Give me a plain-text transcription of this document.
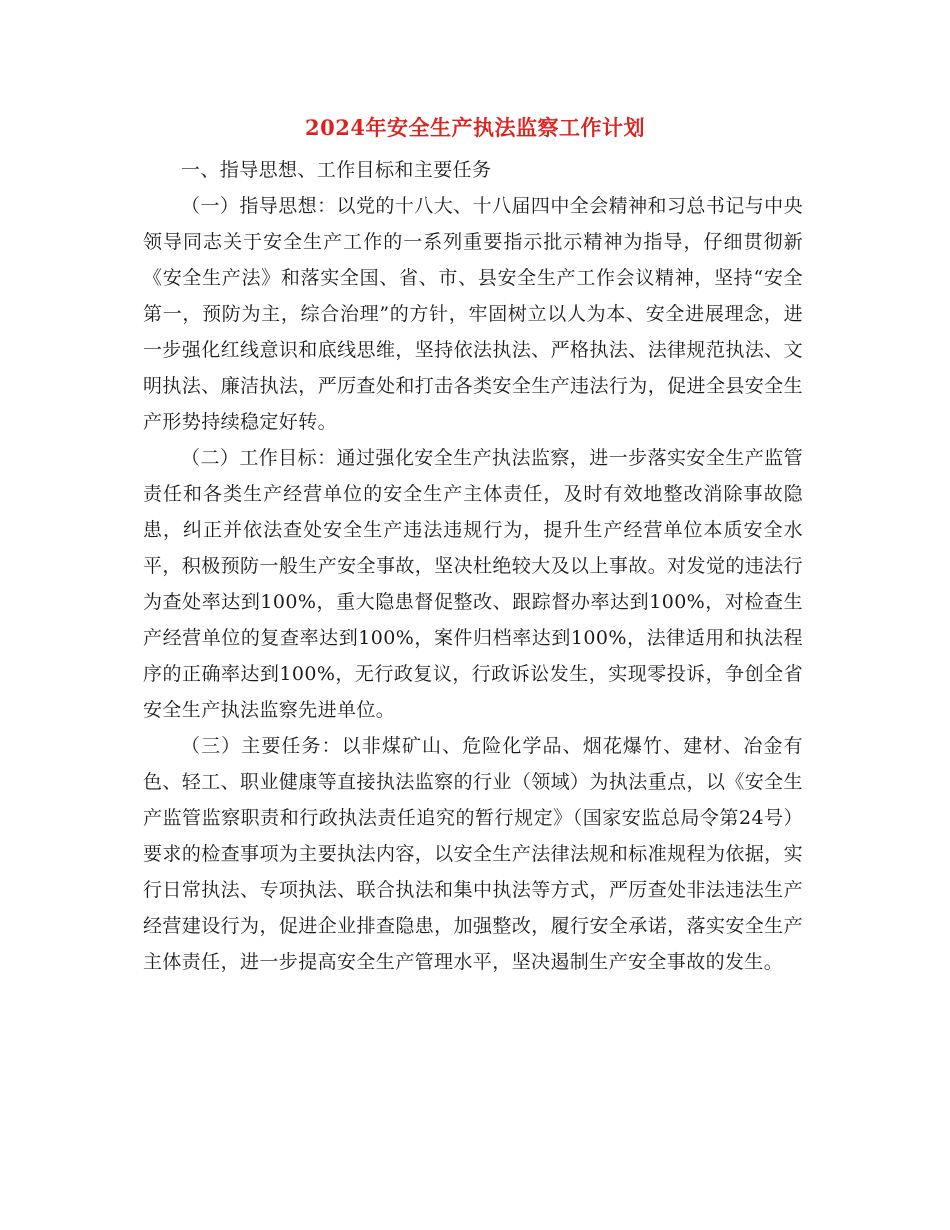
2024年安全生产执法监察工作计划

一、指导思想、工作目标和主要任务

（一）指导思想：以党的十八大、十八届四中全会精神和习总书记与中央领导同志关于安全生产工作的一系列重要指示批示精神为指导，仔细贯彻新《安全生产法》和落实全国、省、市、县安全生产工作会议精神，坚持“安全第一，预防为主，综合治理”的方针，牢固树立以人为本、安全进展理念，进一步强化红线意识和底线思维，坚持依法执法、严格执法、法律规范执法、文明执法、廉洁执法，严厉查处和打击各类安全生产违法行为，促进全县安全生产形势持续稳定好转。

（二）工作目标：通过强化安全生产执法监察，进一步落实安全生产监管责任和各类生产经营单位的安全生产主体责任，及时有效地整改消除事故隐患，纠正并依法查处安全生产违法违规行为，提升生产经营单位本质安全水平，积极预防一般生产安全事故，坚决杜绝较大及以上事故。对发觉的违法行为查处率达到100%，重大隐患督促整改、跟踪督办率达到100%，对检查生产经营单位的复查率达到100%，案件归档率达到100%，法律适用和执法程序的正确率达到100%，无行政复议，行政诉讼发生，实现零投诉，争创全省安全生产执法监察先进单位。

（三）主要任务：以非煤矿山、危险化学品、烟花爆竹、建材、冶金有色、轻工、职业健康等直接执法监察的行业（领域）为执法重点，以《安全生产监管监察职责和行政执法责任追究的暂行规定》（国家安监总局令第24号）要求的检查事项为主要执法内容，以安全生产法律法规和标准规程为依据，实行日常执法、专项执法、联合执法和集中执法等方式，严厉查处非法违法生产经营建设行为，促进企业排查隐患，加强整改，履行安全承诺，落实安全生产主体责任，进一步提高安全生产管理水平，坚决遏制生产安全事故的发生。
